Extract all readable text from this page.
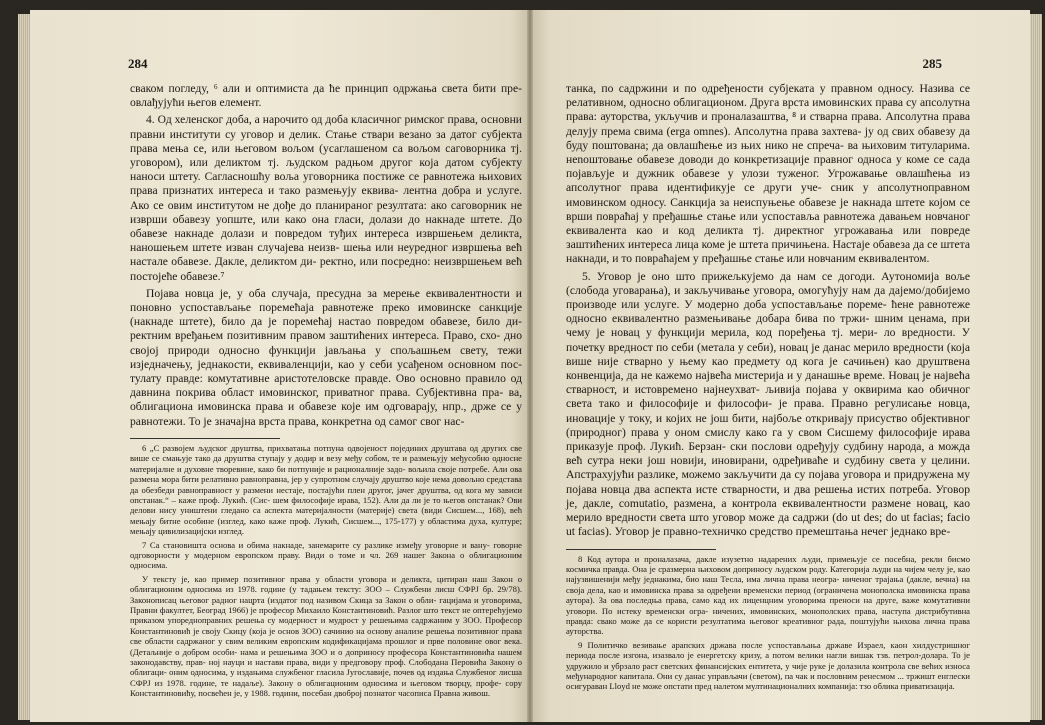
284

сваком погледу, ⁶ али и оптимиста да ће принцип одржања света бити пре- овлађујући његов елемент.

4. Од хеленског доба, а нарочито од доба класичног римског права, основни правни институти су уговор и делик. Стање ствари везано за датог субјекта права мења се, или његовом вољом (усаглашеном са вољом саговорника тј. уговором), или деликтом тј. људском радњом другог која датом субјекту наноси штету. Сагласношћу воља уговорника постиже се равнотежа њихових права признатих интереса и тако размењују еквива- лентна добра и услуге. Ако се овим институтом не дође до планираног резултата: ако саговорник не изврши обавезу уопште, или како она гласи, долази до накнаде штете. До обавезе накнаде долази и повредом туђих интереса извршењем деликта, наношењем штете изван случајева неизв- шења или неуредног извршења већ настале обавезе. Дакле, деликтом ди- ректно, или посредно: неизвршењем већ постојеће обавезе.⁷

Појава новца је, у оба случаја, пресудна за мерење еквивалентности и поновно успостављање поремећаја равнотеже преко имовинске санкције (накнаде штете), било да је поремећај настао повредом обавезе, било ди- ректним вређањем позитивним правом заштићених интереса. Право, схо- дно својој природи односно функцији јављања у спољашњем свету, тежи изједначењу, једнакости, еквиваленцији, као у себи усађеном основном пос- тулату правде: комутативне аристотеловске правде. Ово основно правило од давнина покрива област имовинског, приватног права. Субјективна пра- ва, облигациона имовинска права и обавезе које им одговарају, нпр., држе се у равнотежи. То је значајна врста права, конкретна од самог свог нас-

6 „С развојем људског друштва, прихватања потпуна одвојеност појединих друштава од других све више се смањује тако да друштва ступају у додир и везу међу собом, те и размењују међусобно односне материјалне и духовне творевине, како би потпуније и рационалније задо- вољила своје потребе. Али ова размена мора бити релативно равноправна, јер у супротном случају друштво које нема довољно средстава да обезбеди равноправност у размени нестаје, постајући плен другог, јачег друштва, од кога му зависи опстанак.“ – каже проф. Лукић. (Сис- шем философије ирава, 152). Али да ли је то његов опстанак? Ови делови нису уништени гледано са аспекта материјалности (материје) света (види Сисшем..., 168), већ мењају битне особине (изглед, како каже проф. Лукић, Сисшем..., 175-177) у областима духа, културе; мењају цивилизацијски изглед.

7 Са становишта основа и обима накнаде, занемарите су разлике између уговорне и вану- говорне одговорности у модерном европском праву. Види о томе и чл. 269 нашег Закона о облигационим односима.

У тексту је, као пример позитивног права у области уговора и деликта, цитиран наш Закон о облигационим односима из 1978. године (у тадањем тексту: ЗОО – Службени лисш СФРЈ бр. 29/78). Законописац његовог радног нацрта (издатог под називом Скица за Закон о обли- гацијама и уговорима, Правни факултет, Београд 1966) је професор Михаило Константиновић. Разлог што текст не оптерећујемо приказом упоредноправних решења су модерност и мудрост у решењима садржаним у ЗОО. Професор Константиновић је своју Скицу (која је основ ЗОО) сачинио на основу анализе решења позитивног права све области садржаног у свим великим европским кодификацијама прошлог и прве половине овог века. (Детаљније о добром особи- нама и решењима ЗОО и о доприносу професора Константиновића нашем законодавству, прав- ној науци и настави права, види у предговору проф. Слободана Перовића Закону о облигаци- оним односима, у издањима службеног гласила Југославије, почев од издања Службеног лисша СФРЈ из 1978. године, те надаље). Закону о облигационим односима и његовом творцу, профе- сору Константиновићу, посвећен је, у 1988. години, посебан двоброј познатог часописа Правна живош.

285

танка, по садржини и по одређености субјеката у правном односу. Назива се релативном, односно облигационом. Друга врста имовинских права су апсолутна права: ауторства, укључив и проналазаштва, ⁸ и стварна права. Апсолутна права делују према свима (erga omnes). Апсолутна права захтева- ју од свих обавезу да буду поштована; да овлашћење из њих нико не спреча- ва њиховим титуларима. неnоштовање обавезе доводи до конкретизације правног односа у коме се сада појављује и дужник обавезе у улози туженог. Угрожавање овлашћења из апсолутног права идентификује се други уче- сник у апсолутноправном имовинском односу. Санкција за неиспуњење обавезе је накнада штете којом се врши повраћај у пређашње стање или успоставља равнотежа давањем новчаног еквивалента као и код деликта тј. директног угрожавања или повреде заштићених интереса лица коме је штета причињена. Настаје обавеза да се штета накнади, и то повраћајем у пређашње стање или новчаним еквивалентом.

5. Уговор је оно што прижељкујемо да нам се догоди. Аутономија воље (слобода уговарања), и закључивање уговора, омогућују нам да дајемо/добијемо производе или услуге. У модерно доба успостављање пореме- ћене равнотеже односно еквивалентно размењивање добара бива по тржи- шним ценама, при чему је новац у функцији мерила, код поређења тј. мери- ло вредности. У почетку вредност по себи (метала у себи), новац је данас мерило вредности (која више није стварно у њему као предмету од кога је сачињен) као друштвена конвенција, да не кажемо највећа мистерија и у данашње време. Новац је највећа стварност, и истовремено најнеухват- љивија појава у оквирима као обичног света тако и философије и философи- је права. Правно регулисање новца, иновације у току, и којих не још бити, најбоље откривају присуство објективног (природног) права у оном смислу како га у свом Сисшему философије ирава приказује проф. Лукић. Берзан- ски послови одређују судбину народа, а можда већ сутра неки још новији, иновирани, одређиваће и судбину света у целини. Апстрахујући разлике, можемо закључити да су појава уговора и придружена му појава новца два аспекта исте стварности, и два решења истих потреба. Уговор је, дакле, comutatio, размена, а контрола еквивалентности размене новац, као мерило вредности света што уговор може да садржи (do ut des; do ut facias; facio ut facias). Уговор је правно-техничко средство премештања нечег једнако вре-

8 Код аутора и проналазача, дакле изузетно надарених људи, примењује се посебна, рекли бисмо космичка правда. Она је сразмерна њиховом доприносу људском роду. Категорија људи на чијем челу је, као најузвишенији међу једнакима, био наш Тесла, има лична права неогра- ниченог трајања (дакле, вечна) на своја дела, као и имовинска права за одређени временски период (ограничена монополска имовинска права аутора). За ова последња права, само кад их лиценцним уговорима преноси на друге, важе комутативни уговори. По истеку временски огра- ничених, имовинских, монополских права, наступа дистрибутивна правда: свако може да се користи резултатима његовог креативног рада, поштујући њихова лична права ауторства.

9 Политичко везивање арапских држава после успостављања државе Израел, каон хилдустришног периода после изгона, изазвало је енергетску кризу, а потом велики нагли вишак тзв. петрол-долара. То је удружило и убрзало раст светских финансијских ентитета, у чије руке је долазила контрола све већих износа међународног капитала. Они су данас управљачи (светом), па чак и пословним ренесмом ... тржишт енглески осигураван Lloyd не може опстати пред налетом мултинационалних компанија: тзо облика приватизација.
